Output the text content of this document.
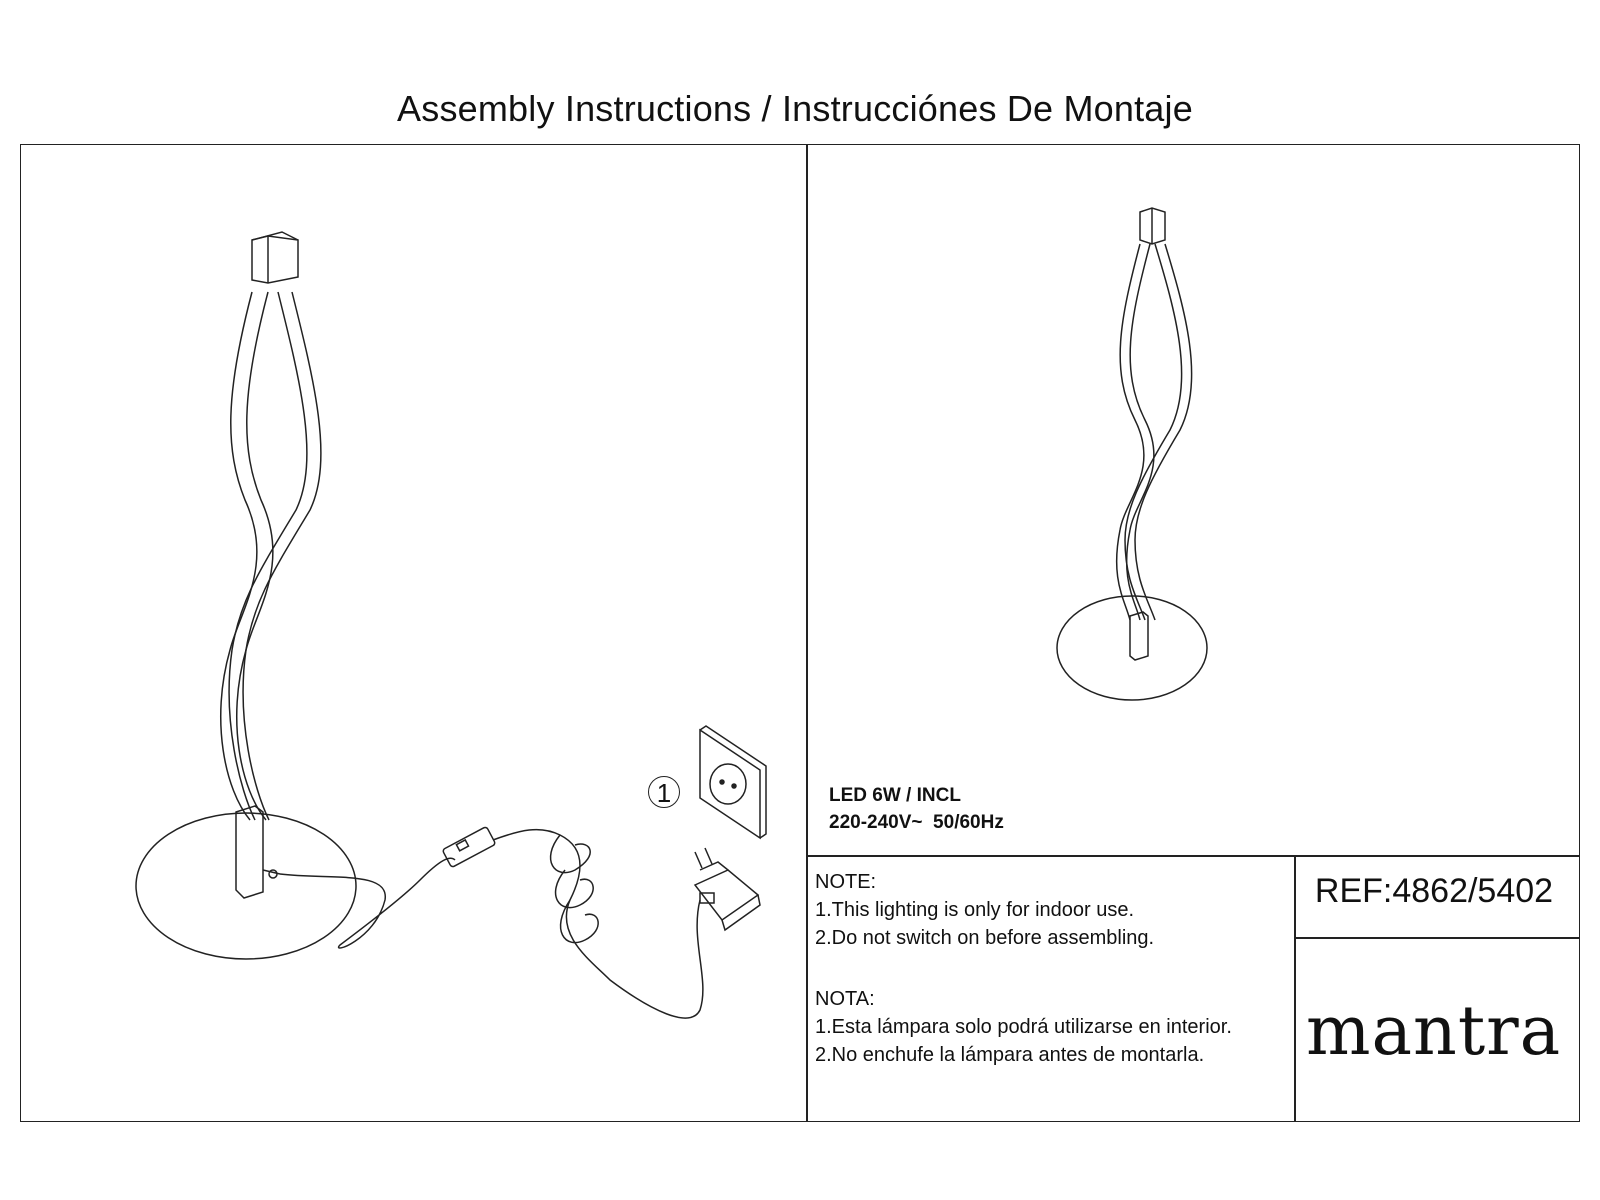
Assembly Instructions / Instrucciónes De Montaje
1	LED 6W / INCL
220-240V~  50/60Hz
NOTE:
1.This lighting is only for indoor use.
2.Do not switch on before assembling.
NOTA:
1.Esta lámpara solo podrá utilizarse en interior.
2.No enchufe la lámpara antes de montarla.
REF:4862/5402
mantra
